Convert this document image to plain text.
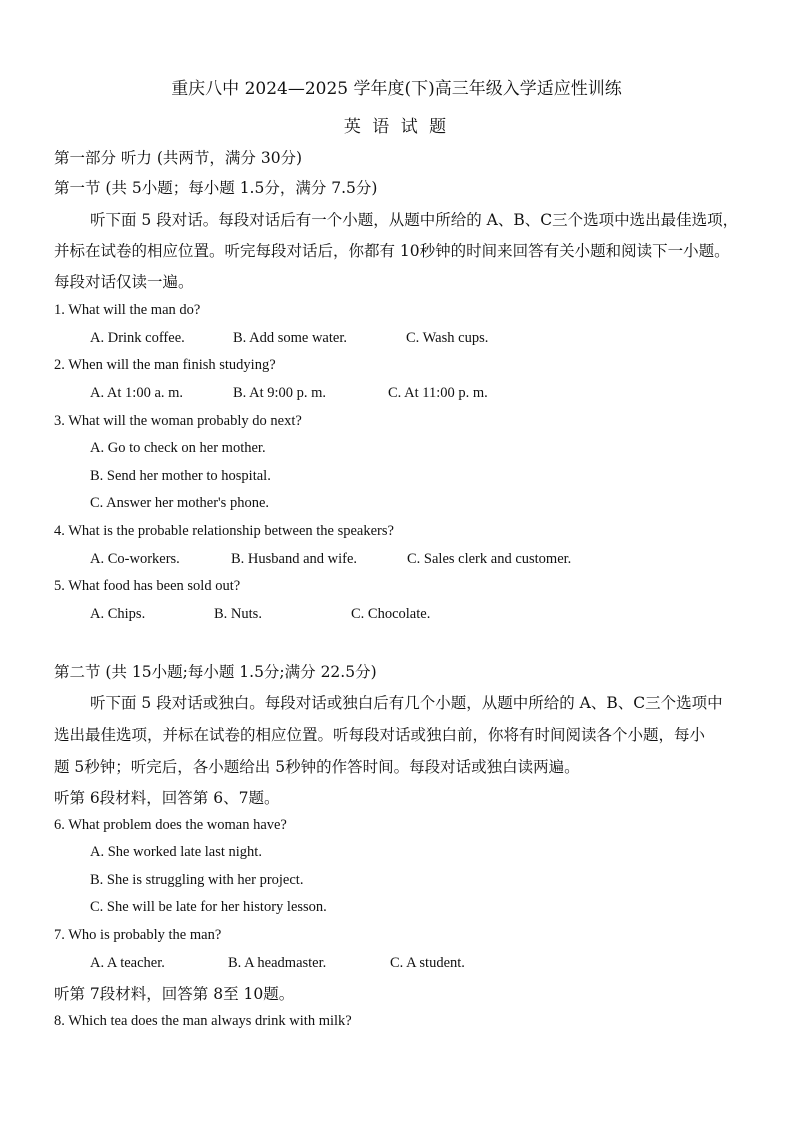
重庆八中 2024—2025 学年度(下)高三年级入学适应性训练
英 语 试 题
第一部分 听力 (共两节，满分 30分)
第一节 (共 5小题；每小题 1.5分，满分 7.5分)
听下面 5 段对话。每段对话后有一个小题，从题中所给的 A、B、C三个选项中选出最佳选项，
并标在试卷的相应位置。听完每段对话后，你都有 10秒钟的时间来回答有关小题和阅读下一小题。
每段对话仅读一遍。
1. What will the man do?
A. Drink coffee.	B. Add some water.	C. Wash cups.
2. When will the man finish studying?
A. At 1:00 a. m.	B. At 9:00 p. m.	C. At 11:00 p. m.
3. What will the woman probably do next?
A. Go to check on her mother.
B. Send her mother to hospital.
C. Answer her mother's phone.
4. What is the probable relationship between the speakers?
A. Co-workers.	B. Husband and wife.	C. Sales clerk and customer.
5. What food has been sold out?
A. Chips.	B. Nuts.	C. Chocolate.
第二节 (共 15小题;每小题 1.5分;满分 22.5分)
听下面 5 段对话或独白。每段对话或独白后有几个小题，从题中所给的 A、B、C三个选项中
选出最佳选项，并标在试卷的相应位置。听每段对话或独白前，你将有时间阅读各个小题，每小
题 5秒钟；听完后，各小题给出 5秒钟的作答时间。每段对话或独白读两遍。
听第 6段材料，回答第 6、7题。
6. What problem does the woman have?
A. She worked late last night.
B. She is struggling with her project.
C. She will be late for her history lesson.
7. Who is probably the man?
A. A teacher.	B. A headmaster.	C. A student.
听第 7段材料，回答第 8至 10题。
8. Which tea does the man always drink with milk?
